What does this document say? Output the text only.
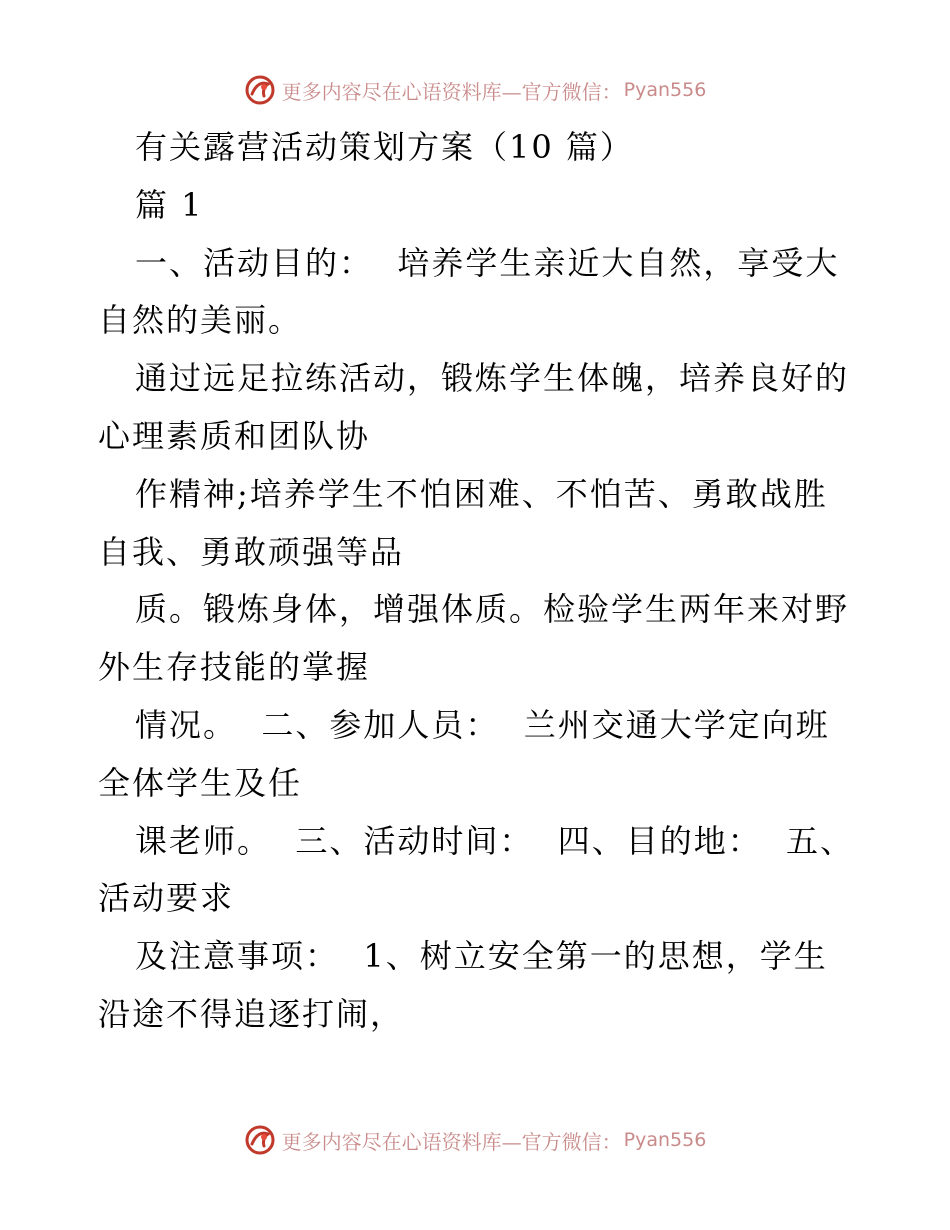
更多内容尽在心语资料库—官方微信： Pyan556

有关露营活动策划方案（10 篇）

篇 1

一、活动目的：  培养学生亲近大自然，享受大自然的美丽。

通过远足拉练活动，锻炼学生体魄，培养良好的心理素质和团队协

作精神;培养学生不怕困难、不怕苦、勇敢战胜自我、勇敢顽强等品

质。锻炼身体，增强体质。检验学生两年来对野外生存技能的掌握

情况。  二、参加人员：  兰州交通大学定向班全体学生及任

课老师。  三、活动时间：  四、目的地：  五、活动要求

及注意事项：  1、树立安全第一的思想，学生沿途不得追逐打闹，

更多内容尽在心语资料库—官方微信： Pyan556
